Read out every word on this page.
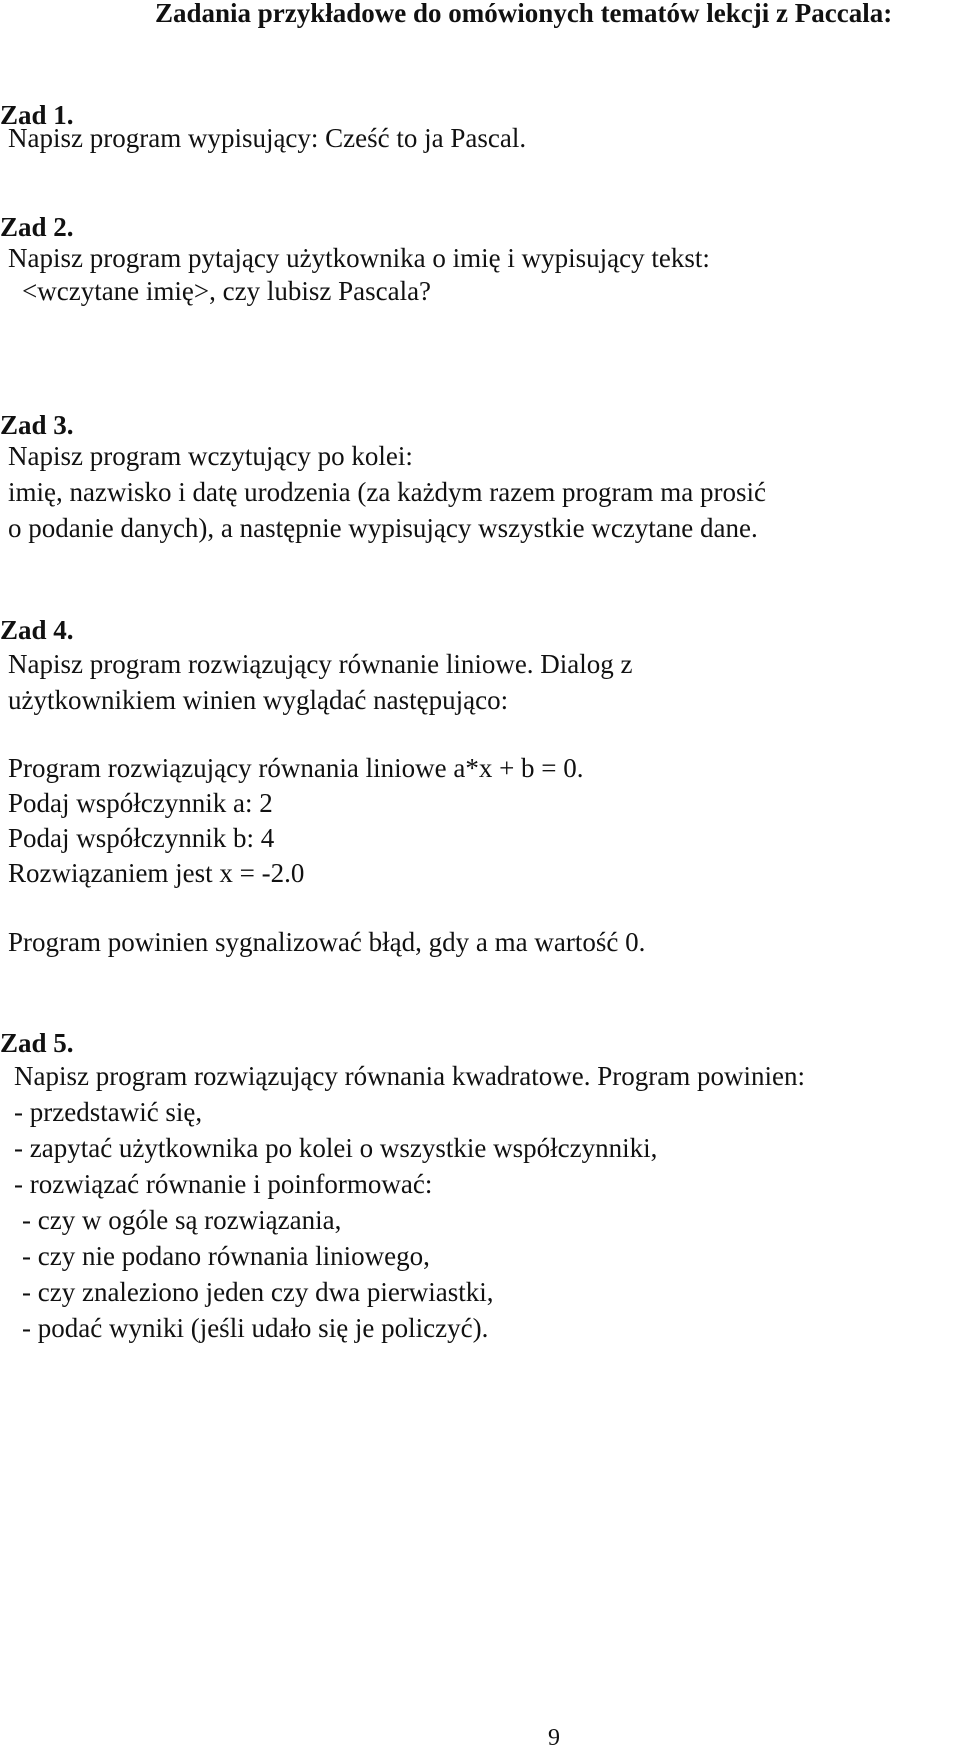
Zadania przykładowe do omówionych tematów lekcji z Paccala:
Zad 1.
Napisz program wypisujący: Cześć to ja Pascal.
Zad 2.
Napisz program pytający użytkownika o imię i wypisujący tekst:
<wczytane imię>, czy lubisz Pascala?
Zad 3.
Napisz program wczytujący po kolei:
imię, nazwisko i datę urodzenia (za każdym razem program ma prosić
o podanie danych), a następnie wypisujący wszystkie wczytane dane.
Zad 4.
Napisz program rozwiązujący równanie liniowe. Dialog z
użytkownikiem winien wyglądać następująco:
Program rozwiązujący równania liniowe a*x + b = 0.
Podaj współczynnik a: 2
Podaj współczynnik b: 4
Rozwiązaniem jest x = -2.0
Program powinien sygnalizować błąd, gdy a ma wartość 0.
Zad 5.
Napisz program rozwiązujący równania kwadratowe. Program powinien:
- przedstawić się,
- zapytać użytkownika po kolei o wszystkie współczynniki,
- rozwiązać równanie i poinformować:
- czy w ogóle są rozwiązania,
- czy nie podano równania liniowego,
- czy znaleziono jeden czy dwa pierwiastki,
- podać wyniki (jeśli udało się je policzyć).
9
